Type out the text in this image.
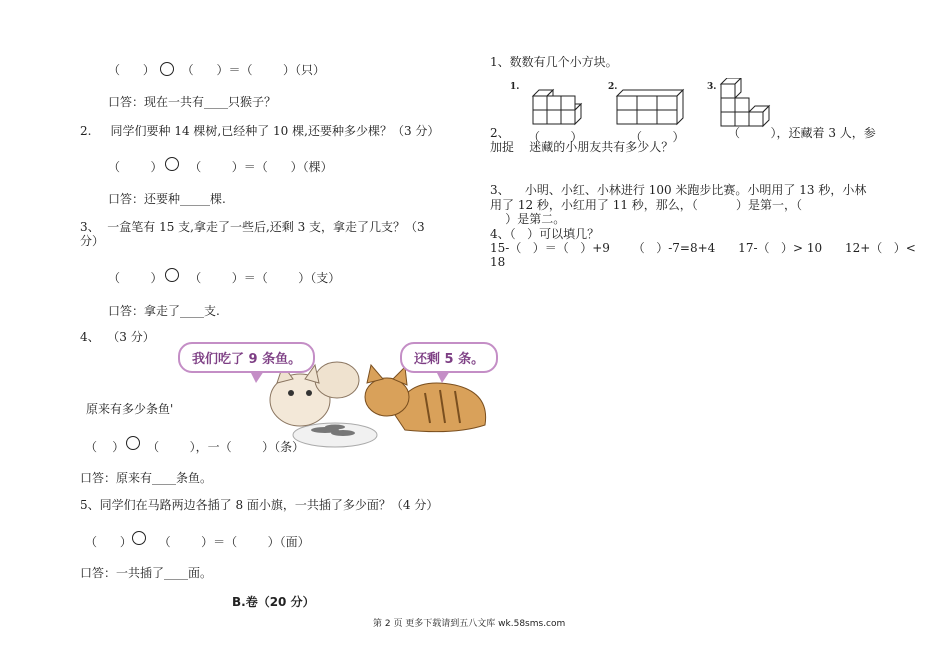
（      ）       （      ）＝（        ）（只）
口答：现在一共有____只猴子？
2.     同学们要种 14 棵树,已经种了 10 棵,还要种多少棵？（3 分）
（        ）       （        ）＝（      ）（棵）
口答：还要种_____棵.
3、  一盒笔有 15 支,拿走了一些后,还剩 3 支，拿走了几支？（3
分）
（        ）       （        ）＝（        ）（支）
口答：拿走了____支.
4、  （3 分）
我们吃了 9 条鱼。	还剩 5 条。
原来有多少条鱼'
（    ）      （        ），一（        ）（条）
口答：原来有____条鱼。
5、同学们在马路两边各插了 8 面小旗，一共插了多少面？（4 分）
（      ）       （        ）＝（        ）（面）
口答：一共插了____面。
B.卷（20 分）
1、数数有几个小方块。
1.	2.	3.
2、 （        ）	（        ）	（        ），还藏着 3 人，参
加捉    迷藏的小朋友共有多少人？
3、    小明、小红、小林进行 100 米跑步比赛。小明用了 13 秒，小林
用了 12 秒，小红用了 11 秒，那么，（          ）是第一，（
）是第二。
4、（   ）可以填几？
15-（   ）＝（   ）+9      （   ）-7=8+4      17-（   ）> 10      12+（   ）<
18
第 2 页 更多下载请到五八文库 wk.58sms.com
